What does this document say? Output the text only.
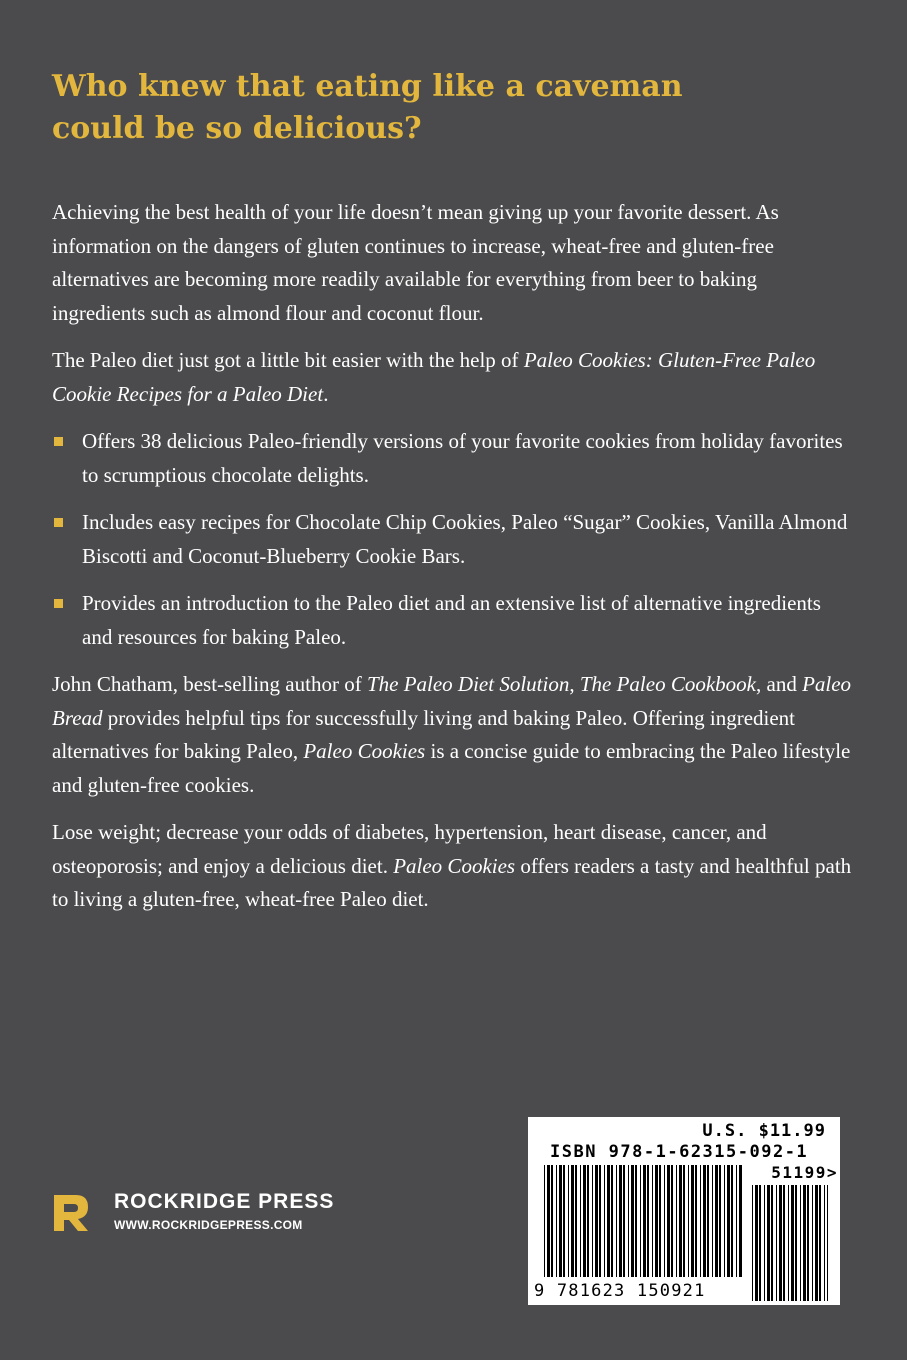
Who knew that eating like a caveman
could be so delicious?

Achieving the best health of your life doesn’t mean giving up your favorite dessert. As information on the dangers of gluten continues to increase, wheat-free and gluten-free alternatives are becoming more readily available for everything from beer to baking ingredients such as almond flour and coconut flour.

The Paleo diet just got a little bit easier with the help of Paleo Cookies: Gluten-Free Paleo Cookie Recipes for a Paleo Diet.

Offers 38 delicious Paleo-friendly versions of your favorite cookies from holiday favorites to scrumptious chocolate delights.
Includes easy recipes for Chocolate Chip Cookies, Paleo “Sugar” Cookies, Vanilla Almond Biscotti and Coconut-Blueberry Cookie Bars.
Provides an introduction to the Paleo diet and an extensive list of alternative ingredients and resources for baking Paleo.

John Chatham, best-selling author of The Paleo Diet Solution, The Paleo Cookbook, and Paleo Bread provides helpful tips for successfully living and baking Paleo. Offering ingredient alternatives for baking Paleo, Paleo Cookies is a concise guide to embracing the Paleo lifestyle and gluten-free cookies.

Lose weight; decrease your odds of diabetes, hypertension, heart disease, cancer, and osteoporosis; and enjoy a delicious diet. Paleo Cookies offers readers a tasty and healthful path to living a gluten-free, wheat-free Paleo diet.

ROCKRIDGE PRESS
WWW.ROCKRIDGEPRESS.COM
U.S. $11.99
ISBN 978-1-62315-092-1
51199>
9 781623 150921
